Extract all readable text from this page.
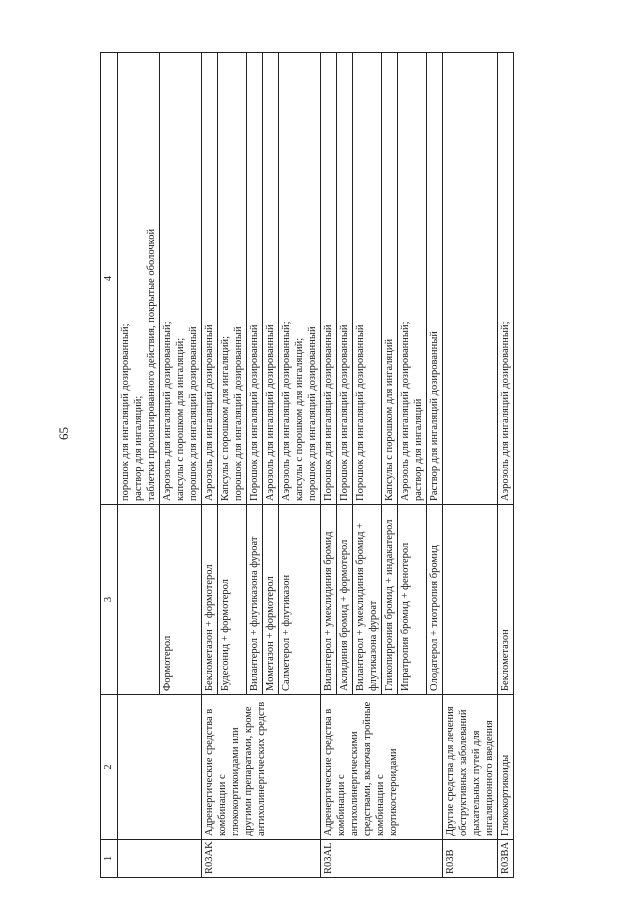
65
1	2	3	4

			порошок для ингаляций дозированный; раствор для ингаляций; таблетки пролонгированного действия, покрытые оболочкой

		Формотерол	Аэрозоль для ингаляций дозированный; капсулы с порошком для ингаляций; порошок для ингаляций дозированный

R03AK	Адренергические средства в комбинации с глюкокортикоидами или другими препаратами, кроме антихолинергических средств	Беклометазон + формотерол	Аэрозоль для ингаляций дозированный

		Будесонид + формотерол	Капсулы с порошком для ингаляций; порошок для ингаляций дозированный

		Вилантерол + флутиказона фуроат	Порошок для ингаляций дозированный

		Мометазон + формотерол	Аэрозоль для ингаляций дозированный

		Салметерол + флутиказон	Аэрозоль для ингаляций дозированный; капсулы с порошком для ингаляций; порошок для ингаляций дозированный

R03AL	Адренергические средства в комбинации с антихолинергическими средствами, включая тройные комбинации с кортикостероидами	Вилантерол + умеклидиния бромид	Порошок для ингаляций дозированный

		Аклидиния бромид + формотерол	Порошок для ингаляций дозированный

		Вилантерол + умеклидиния бромид + флутиказона фуроат	Порошок для ингаляций дозированный

		Гликопиррония бромид + индакатерол	Капсулы с порошком для ингаляций

		Ипратропия бромид + фенотерол	Аэрозоль для ингаляций дозированный; раствор для ингаляций

		Олодатерол + тиотропия бромид	Раствор для ингаляций дозированный

R03B	Другие средства для лечения обструктивных заболеваний дыхательных путей для ингаляционного введения		
R03BA	Глюкокортикоиды	Беклометазон	Аэрозоль для ингаляций дозированный;
